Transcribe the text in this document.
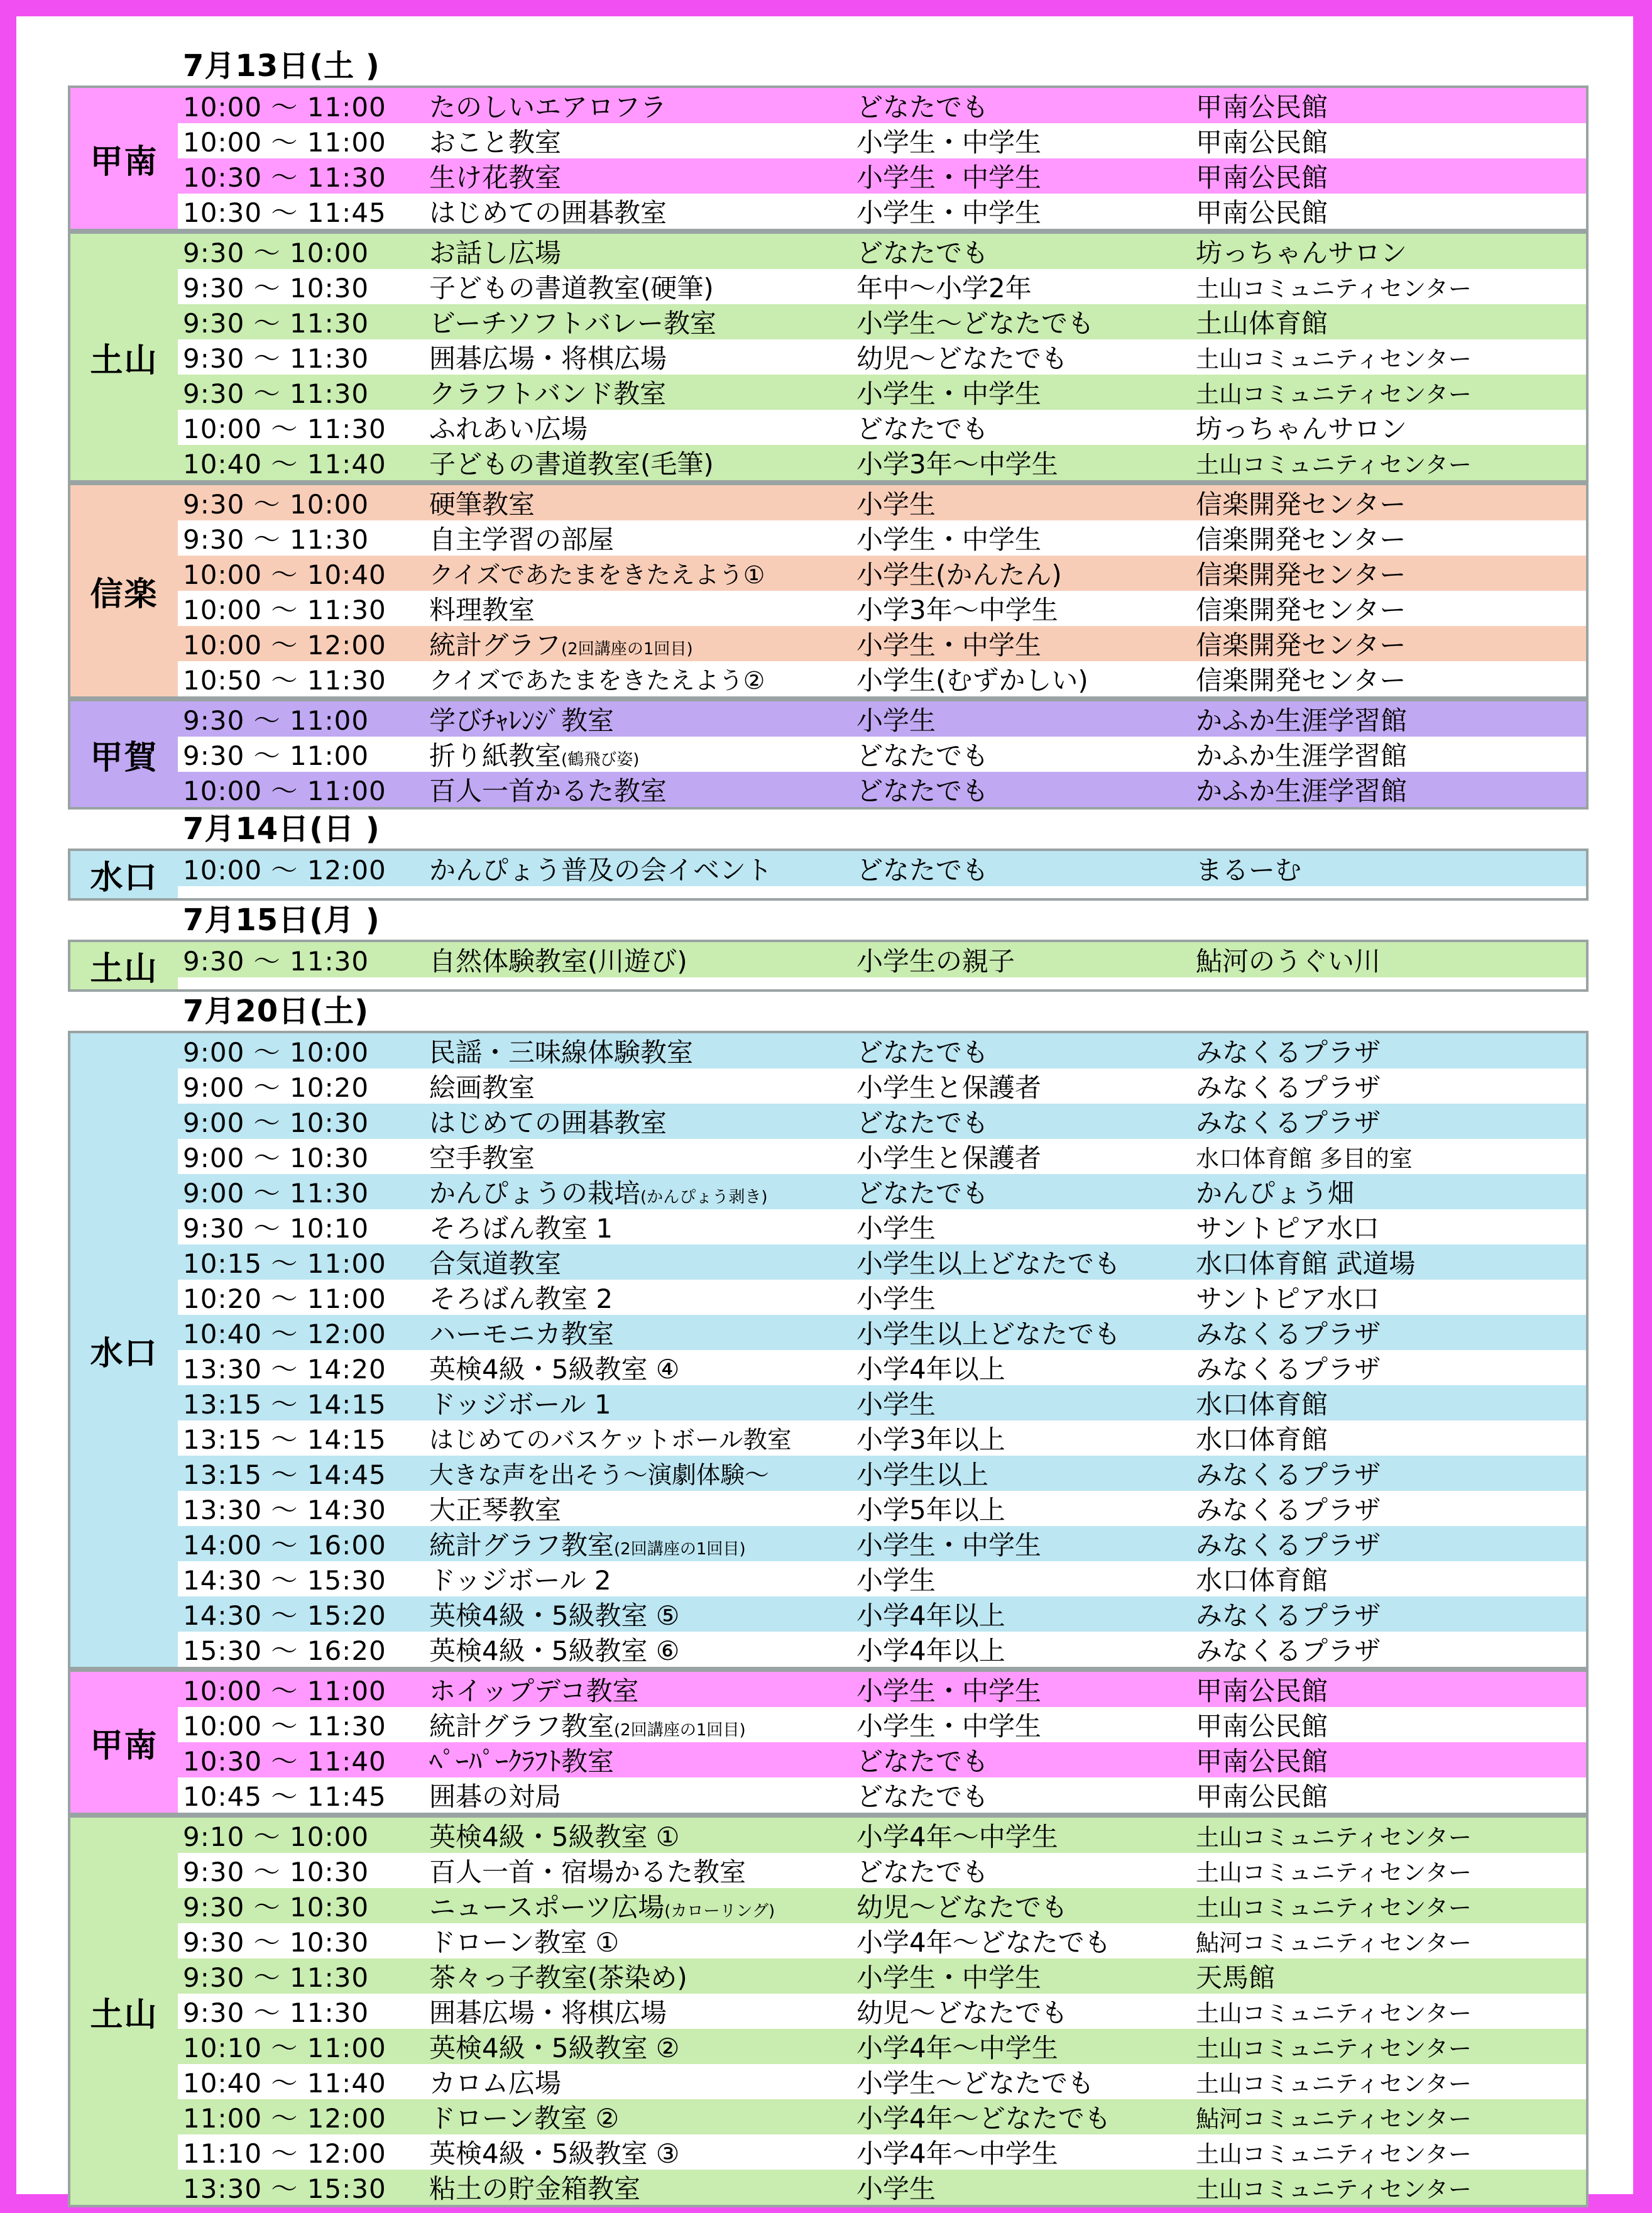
7月13日(土 )
甲南
10:00 ～ 11:00	たのしいエアロフラ	どなたでも	甲南公民館
10:00 ～ 11:00	おこと教室	小学生・中学生	甲南公民館
10:30 ～ 11:30	生け花教室	小学生・中学生	甲南公民館
10:30 ～ 11:45	はじめての囲碁教室	小学生・中学生	甲南公民館
土山
9:30 ～ 10:00	お話し広場	どなたでも	坊っちゃんサロン
9:30 ～ 10:30	子どもの書道教室(硬筆)	年中～小学2年	土山コミュニティセンター
9:30 ～ 11:30	ビーチソフトバレー教室	小学生～どなたでも	土山体育館
9:30 ～ 11:30	囲碁広場・将棋広場	幼児～どなたでも	土山コミュニティセンター
9:30 ～ 11:30	クラフトバンド教室	小学生・中学生	土山コミュニティセンター
10:00 ～ 11:30	ふれあい広場	どなたでも	坊っちゃんサロン
10:40 ～ 11:40	子どもの書道教室(毛筆)	小学3年～中学生	土山コミュニティセンター
信楽
9:30 ～ 10:00	硬筆教室	小学生	信楽開発センター
9:30 ～ 11:30	自主学習の部屋	小学生・中学生	信楽開発センター
10:00 ～ 10:40	クイズであたまをきたえよう①	小学生(かんたん)	信楽開発センター
10:00 ～ 11:30	料理教室	小学3年～中学生	信楽開発センター
10:00 ～ 12:00	統計グラフ(2回講座の1回目)	小学生・中学生	信楽開発センター
10:50 ～ 11:30	クイズであたまをきたえよう②	小学生(むずかしい)	信楽開発センター
甲賀
9:30 ～ 11:00	学びﾁｬﾚﾝｼﾞ教室	小学生	かふか生涯学習館
9:30 ～ 11:00	折り紙教室(鶴飛び姿)	どなたでも	かふか生涯学習館
10:00 ～ 11:00	百人一首かるた教室	どなたでも	かふか生涯学習館
7月14日(日 )
水口 10:00 ～ 12:00	かんぴょう普及の会イベント	どなたでも	まるーむ
7月15日(月 )
土山 9:30 ～ 11:30	自然体験教室(川遊び)	小学生の親子	鮎河のうぐい川
7月20日(土)
水口
9:00 ～ 10:00	民謡・三味線体験教室	どなたでも	みなくるプラザ
9:00 ～ 10:20	絵画教室	小学生と保護者	みなくるプラザ
9:00 ～ 10:30	はじめての囲碁教室	どなたでも	みなくるプラザ
9:00 ～ 10:30	空手教室	小学生と保護者	水口体育館 多目的室
9:00 ～ 11:30	かんぴょうの栽培(かんぴょう剥き)	どなたでも	かんぴょう畑
9:30 ～ 10:10	そろばん教室 1	小学生	サントピア水口
10:15 ～ 11:00	合気道教室	小学生以上どなたでも	水口体育館 武道場
10:20 ～ 11:00	そろばん教室 2	小学生	サントピア水口
10:40 ～ 12:00	ハーモニカ教室	小学生以上どなたでも	みなくるプラザ
13:30 ～ 14:20	英検4級・5級教室 ④	小学4年以上	みなくるプラザ
13:15 ～ 14:15	ドッジボール 1	小学生	水口体育館
13:15 ～ 14:15	はじめてのバスケットボール教室	小学3年以上	水口体育館
13:15 ～ 14:45	大きな声を出そう～演劇体験～	小学生以上	みなくるプラザ
13:30 ～ 14:30	大正琴教室	小学5年以上	みなくるプラザ
14:00 ～ 16:00	統計グラフ教室(2回講座の1回目)	小学生・中学生	みなくるプラザ
14:30 ～ 15:30	ドッジボール 2	小学生	水口体育館
14:30 ～ 15:20	英検4級・5級教室 ⑤	小学4年以上	みなくるプラザ
15:30 ～ 16:20	英検4級・5級教室 ⑥	小学4年以上	みなくるプラザ
甲南
10:00 ～ 11:00	ホイップデコ教室	小学生・中学生	甲南公民館
10:00 ～ 11:30	統計グラフ教室(2回講座の1回目)	小学生・中学生	甲南公民館
10:30 ～ 11:40	ﾍﾟｰﾊﾟｰｸﾗﾌﾄ教室	どなたでも	甲南公民館
10:45 ～ 11:45	囲碁の対局	どなたでも	甲南公民館
土山
9:10 ～ 10:00	英検4級・5級教室 ①	小学4年～中学生	土山コミュニティセンター
9:30 ～ 10:30	百人一首・宿場かるた教室	どなたでも	土山コミュニティセンター
9:30 ～ 10:30	ニュースポーツ広場(カローリング)	幼児～どなたでも	土山コミュニティセンター
9:30 ～ 10:30	ドローン教室 ①	小学4年～どなたでも	鮎河コミュニティセンター
9:30 ～ 11:30	茶々っ子教室(茶染め)	小学生・中学生	天馬館
9:30 ～ 11:30	囲碁広場・将棋広場	幼児～どなたでも	土山コミュニティセンター
10:10 ～ 11:00	英検4級・5級教室 ②	小学4年～中学生	土山コミュニティセンター
10:40 ～ 11:40	カロム広場	小学生～どなたでも	土山コミュニティセンター
11:00 ～ 12:00	ドローン教室 ②	小学4年～どなたでも	鮎河コミュニティセンター
11:10 ～ 12:00	英検4級・5級教室 ③	小学4年～中学生	土山コミュニティセンター
13:30 ～ 15:30	粘土の貯金箱教室	小学生	土山コミュニティセンター
